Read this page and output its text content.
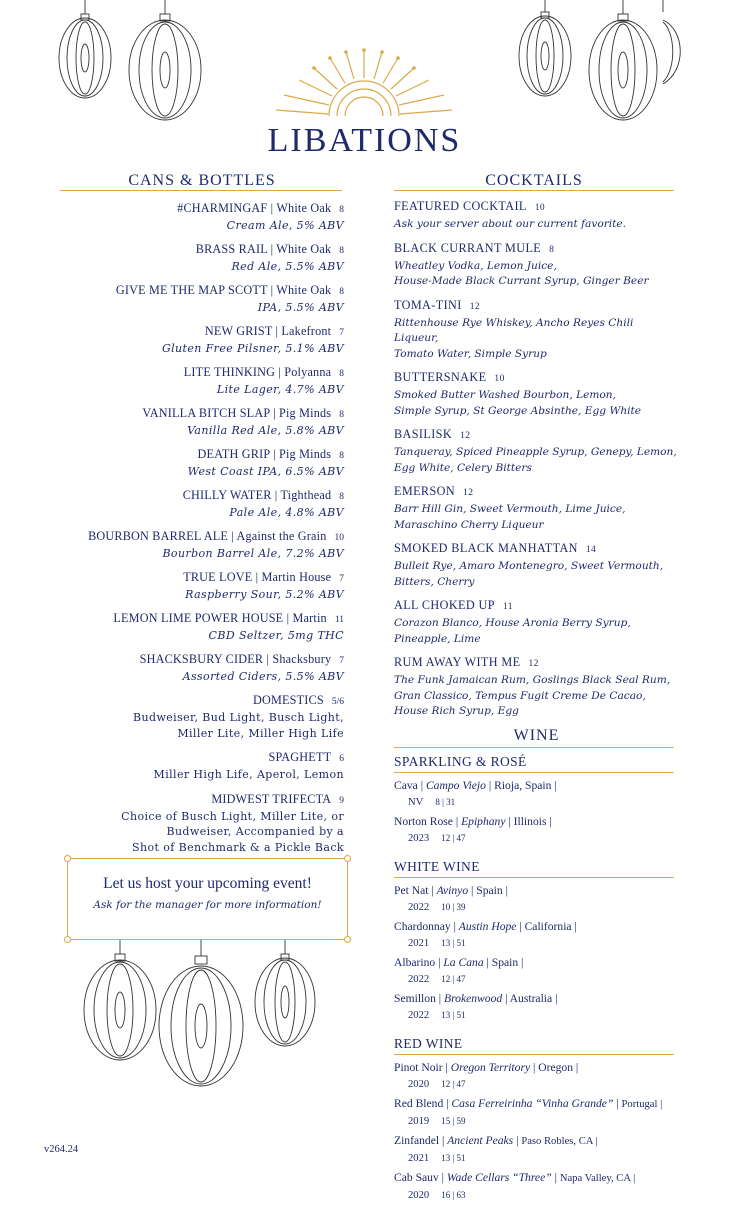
LIBATIONS
CANS & BOTTLES	COCKTAILS
#CHARMINGAF | White Oak 8
Cream Ale, 5% ABV
BRASS RAIL | White Oak 8
Red Ale, 5.5% ABV
GIVE ME THE MAP SCOTT | White Oak 8
IPA, 5.5% ABV
NEW GRIST | Lakefront 7
Gluten Free Pilsner, 5.1% ABV
LITE THINKING | Polyanna 8
Lite Lager, 4.7% ABV
VANILLA BITCH SLAP | Pig Minds 8
Vanilla Red Ale, 5.8% ABV
DEATH GRIP | Pig Minds 8
West Coast IPA, 6.5% ABV
CHILLY WATER | Tighthead 8
Pale Ale, 4.8% ABV
BOURBON BARREL ALE | Against the Grain 10
Bourbon Barrel Ale, 7.2% ABV
TRUE LOVE | Martin House 7
Raspberry Sour, 5.2% ABV
LEMON LIME POWER HOUSE | Martin 11
CBD Seltzer, 5mg THC
SHACKSBURY CIDER | Shacksbury 7
Assorted Ciders, 5.5% ABV
DOMESTICS 5/6
Budweiser, Bud Light, Busch Light,
Miller Lite, Miller High Life
SPAGHETT 6
Miller High Life, Aperol, Lemon
MIDWEST TRIFECTA 9
Choice of Busch Light, Miller Lite, or
Budweiser, Accompanied by a
Shot of Benchmark & a Pickle Back
FEATURED COCKTAIL 10
Ask your server about our current favorite.
BLACK CURRANT MULE 8
Wheatley Vodka, Lemon Juice,
House-Made Black Currant Syrup, Ginger Beer
TOMA-TINI 12
Rittenhouse Rye Whiskey, Ancho Reyes Chili Liqueur,
Tomato Water, Simple Syrup
BUTTERSNAKE 10
Smoked Butter Washed Bourbon, Lemon,
Simple Syrup, St George Absinthe, Egg White
BASILISK 12
Tanqueray, Spiced Pineapple Syrup, Genepy, Lemon,
Egg White, Celery Bitters
EMERSON 12
Barr Hill Gin, Sweet Vermouth, Lime Juice,
Maraschino Cherry Liqueur
SMOKED BLACK MANHATTAN 14
Bulleit Rye, Amaro Montenegro, Sweet Vermouth,
Bitters, Cherry
ALL CHOKED UP 11
Corazon Blanco, House Aronia Berry Syrup,
Pineapple, Lime
RUM AWAY WITH ME 12
The Funk Jamaican Rum, Goslings Black Seal Rum,
Gran Classico, Tempus Fugit Creme De Cacao,
House Rich Syrup, Egg
WINE
SPARKLING & ROSÉ
Cava | Campo Viejo | Rioja, Spain |
NV 8 | 31
Norton Rose | Epiphany | Illinois |
2023 12 | 47
WHITE WINE
Pet Nat | Avinyo | Spain |
2022 10 | 39
Chardonnay | Austin Hope | California |
2021 13 | 51
Albarino | La Cana | Spain |
2022 12 | 47
Semillon | Brokenwood | Australia |
2022 13 | 51
RED WINE
Pinot Noir | Oregon Territory | Oregon |
2020 12 | 47
Red Blend | Casa Ferreirinha “Vinha Grande” | Portugal |
2019 15 | 59
Zinfandel | Ancient Peaks | Paso Robles, CA |
2021 13 | 51
Cab Sauv | Wade Cellars “Three” | Napa Valley, CA |
2020 16 | 63
Let us host your upcoming event!
Ask for the manager for more information!
v264.24
